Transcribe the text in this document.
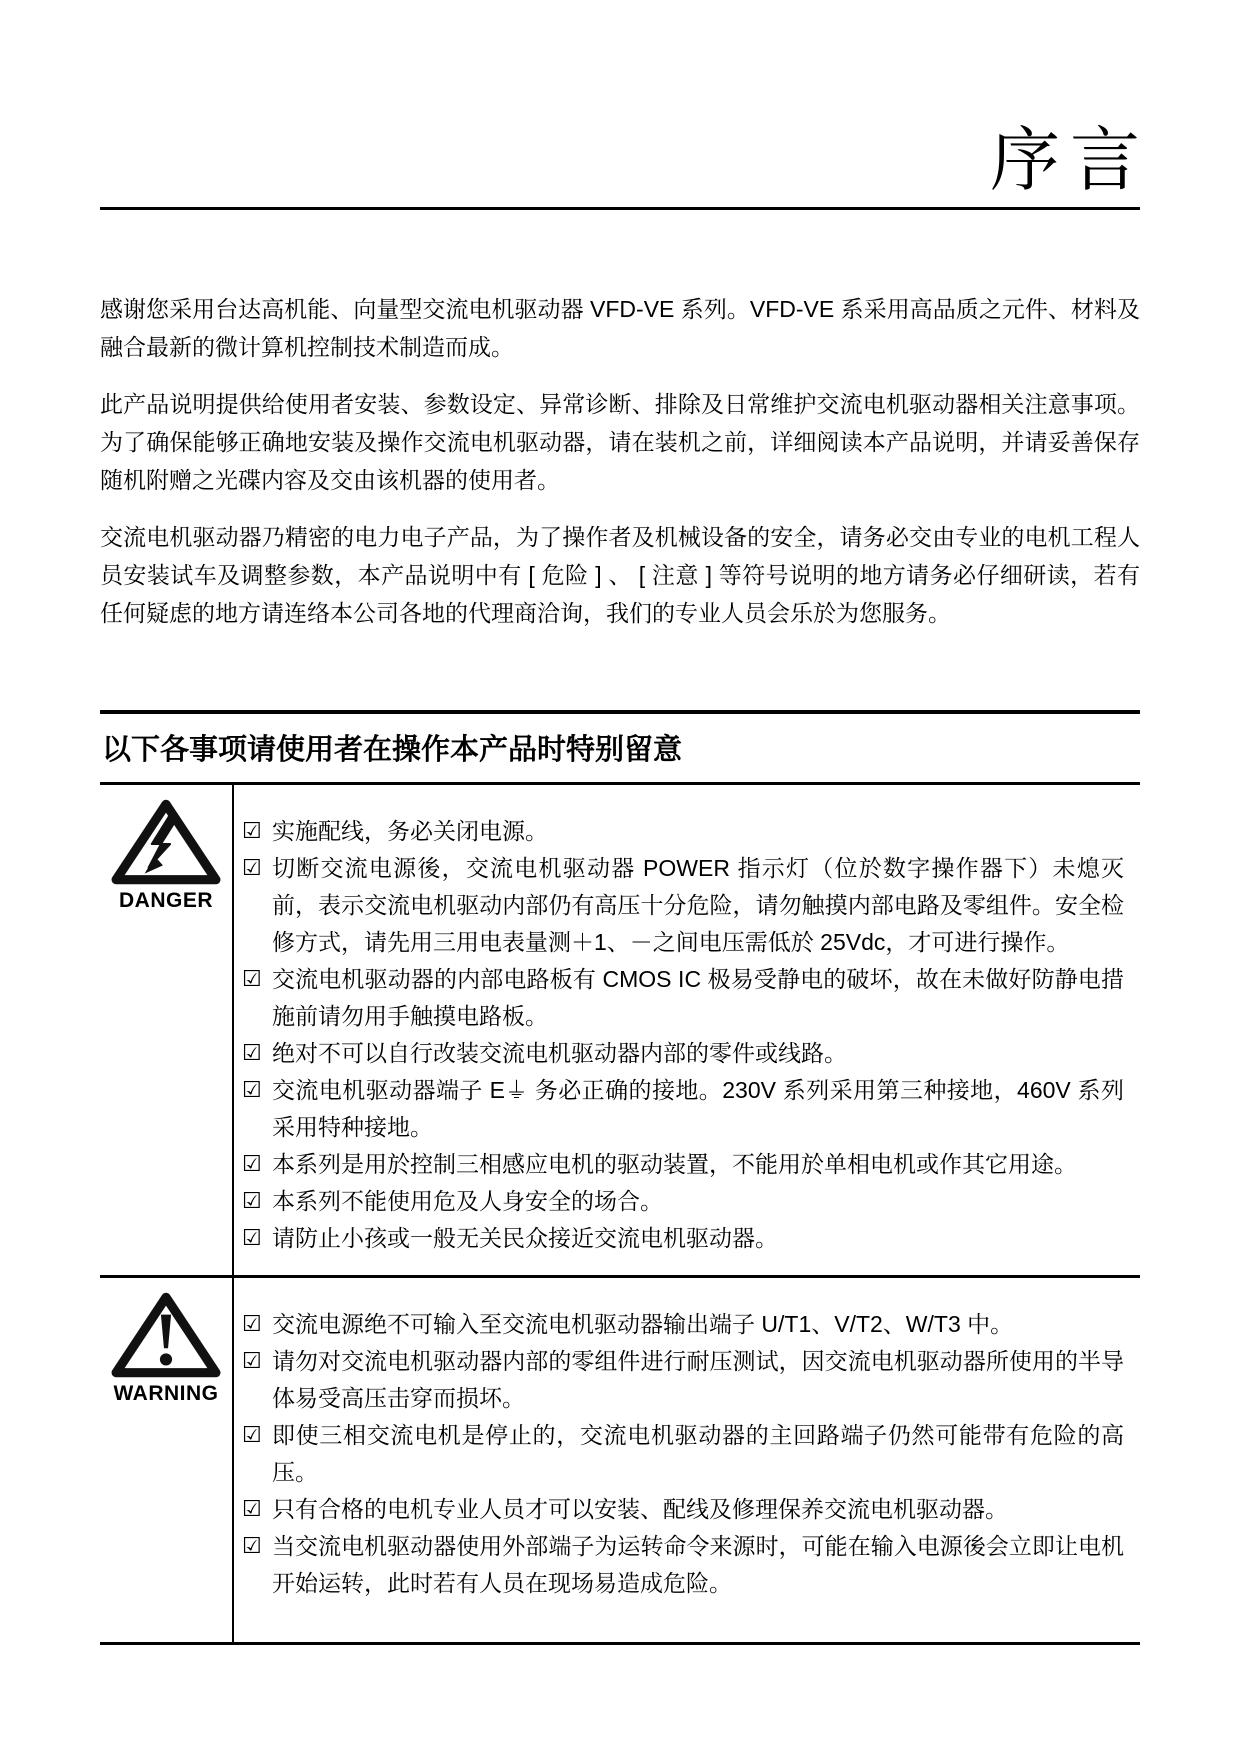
序言

感谢您采用台达高机能、向量型交流电机驱动器 VFD-VE 系列。VFD-VE 系采用高品质之元件、材料及融合最新的微计算机控制技术制造而成。

此产品说明提供给使用者安装、参数设定、异常诊断、排除及日常维护交流电机驱动器相关注意事项。为了确保能够正确地安装及操作交流电机驱动器，请在装机之前，详细阅读本产品说明，并请妥善保存随机附赠之光碟内容及交由该机器的使用者。

交流电机驱动器乃精密的电力电子产品，为了操作者及机械设备的安全，请务必交由专业的电机工程人员安装试车及调整参数，本产品说明中有 [ 危险 ] 、 [ 注意 ] 等符号说明的地方请务必仔细研读，若有任何疑虑的地方请连络本公司各地的代理商洽询，我们的专业人员会乐於为您服务。

以下各事项请使用者在操作本产品时特别留意
DANGER
☑ 实施配线，务必关闭电源。
☑ 切断交流电源後，交流电机驱动器 POWER 指示灯（位於数字操作器下）未熄灭前，表示交流电机驱动内部仍有高压十分危险，请勿触摸内部电路及零组件。安全检修方式，请先用三用电表量测＋1、－之间电压需低於 25Vdc，才可进行操作。
☑ 交流电机驱动器的内部电路板有 CMOS IC 极易受静电的破坏，故在未做好防静电措施前请勿用手触摸电路板。
☑ 绝对不可以自行改装交流电机驱动器内部的零件或线路。
☑ 交流电机驱动器端子 E⏚ 务必正确的接地。230V 系列采用第三种接地，460V 系列采用特种接地。
☑ 本系列是用於控制三相感应电机的驱动装置，不能用於单相电机或作其它用途。
☑ 本系列不能使用危及人身安全的场合。
☑ 请防止小孩或一般无关民众接近交流电机驱动器。
WARNING
☑ 交流电源绝不可输入至交流电机驱动器输出端子 U/T1、V/T2、W/T3 中。
☑ 请勿对交流电机驱动器内部的零组件进行耐压测试，因交流电机驱动器所使用的半导体易受高压击穿而损坏。
☑ 即使三相交流电机是停止的，交流电机驱动器的主回路端子仍然可能带有危险的高压。
☑ 只有合格的电机专业人员才可以安装、配线及修理保养交流电机驱动器。
☑ 当交流电机驱动器使用外部端子为运转命令来源时，可能在输入电源後会立即让电机开始运转，此时若有人员在现场易造成危险。
